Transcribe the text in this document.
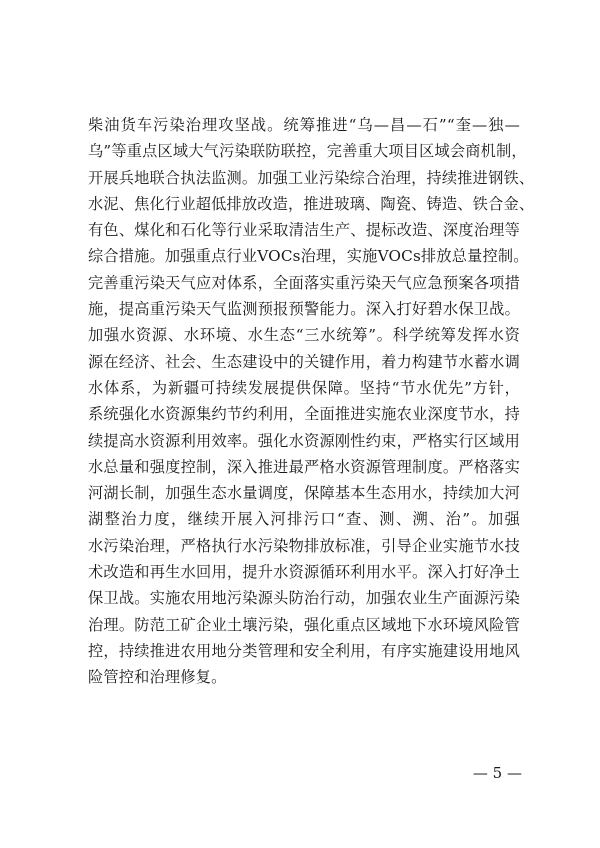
柴油货车污染治理攻坚战。统筹推进“乌—昌—石”“奎—独—
乌”等重点区域大气污染联防联控，完善重大项目区域会商机制，
开展兵地联合执法监测。加强工业污染综合治理，持续推进钢铁、
水泥、焦化行业超低排放改造，推进玻璃、陶瓷、铸造、铁合金、
有色、煤化和石化等行业采取清洁生产、提标改造、深度治理等
综合措施。加强重点行业VOCs治理，实施VOCs排放总量控制。
完善重污染天气应对体系，全面落实重污染天气应急预案各项措
施，提高重污染天气监测预报预警能力。深入打好碧水保卫战。
加强水资源、水环境、水生态“三水统筹”。科学统筹发挥水资
源在经济、社会、生态建设中的关键作用，着力构建节水蓄水调
水体系，为新疆可持续发展提供保障。坚持“节水优先”方针，
系统强化水资源集约节约利用，全面推进实施农业深度节水，持
续提高水资源利用效率。强化水资源刚性约束，严格实行区域用
水总量和强度控制，深入推进最严格水资源管理制度。严格落实
河湖长制，加强生态水量调度，保障基本生态用水，持续加大河
湖整治力度，继续开展入河排污口“查、测、溯、治”。加强
水污染治理，严格执行水污染物排放标准，引导企业实施节水技
术改造和再生水回用，提升水资源循环利用水平。深入打好净土
保卫战。实施农用地污染源头防治行动，加强农业生产面源污染
治理。防范工矿企业土壤污染，强化重点区域地下水环境风险管
控，持续推进农用地分类管理和安全利用，有序实施建设用地风
险管控和治理修复。
— 5 —
